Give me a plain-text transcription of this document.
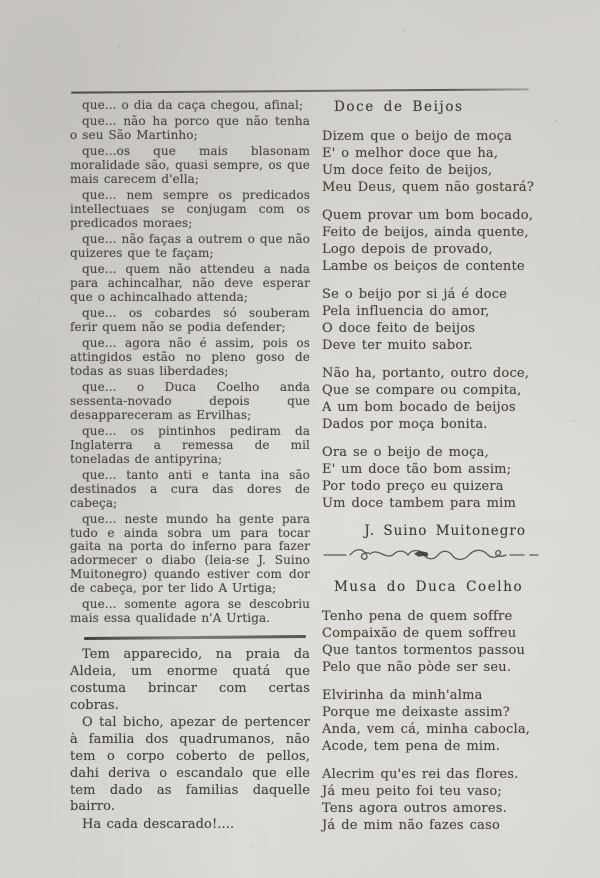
que... o dia da caça chegou, afinal;
que... não ha porco que não tenha o seu São Martinho;
que...os que mais blasonam moralidade são, quasi sempre, os que mais carecem d'ella;
que... nem sempre os predicados intellectuaes se conjugam com os predicados moraes;
que... não faças a outrem o que não quizeres que te façam;
que... quem não attendeu a nada para achincalhar, não deve esperar que o achincalhado attenda;
que... os cobardes só souberam ferir quem não se podia defender;
que... agora não é assim, pois os attingidos estão no pleno goso de todas as suas liberdades;
que... o Duca Coelho anda sessenta-novado depois que desappareceram as Ervilhas;
que... os pintinhos pediram da Inglaterra a remessa de mil toneladas de antipyrina;
que... tanto anti e tanta ina são destinados a cura das dores de cabeça;
que... neste mundo ha gente para tudo e ainda sobra um para tocar gaita na porta do inferno para fazer adormecer o diabo (leia-se J. Suino Muitonegro) quando estiver com dor de cabeça, por ter lido A Urtiga;
que... somente agora se descobriu mais essa qualidade n'A Urtiga.
Tem apparecido, na praia da Aldeia, um enorme quatá que costuma brincar com certas cobras.
O tal bicho, apezar de pertencer à familia dos quadrumanos, não tem o corpo coberto de pellos, dahi deriva o escandalo que elle tem dado as familias daquelle bairro.
Ha cada descarado!....
Doce de Beijos
Dizem que o beijo de moça
E' o melhor doce que ha,
Um doce feito de beijos,
Meu Deus, quem não gostará?
Quem provar um bom bocado,
Feito de beijos, ainda quente,
Logo depois de provado,
Lambe os beiços de contente
Se o beijo por si já é doce
Pela influencia do amor,
O doce feito de beijos
Deve ter muito sabor.
Não ha, portanto, outro doce,
Que se compare ou compita,
A um bom bocado de beijos
Dados por moça bonita.
Ora se o beijo de moça,
E' um doce tão bom assim;
Por todo preço eu quizera
Um doce tambem para mim
J. Suino Muitonegro
Musa do Duca Coelho
Tenho pena de quem soffre
Compaixão de quem soffreu
Que tantos tormentos passou
Pelo que não pòde ser seu.
Elvirinha da minh'alma
Porque me deixaste assim?
Anda, vem cá, minha cabocla,
Acode, tem pena de mim.
Alecrim qu'es rei das flores.
Já meu peito foi teu vaso;
Tens agora outros amores.
Já de mim não fazes caso
